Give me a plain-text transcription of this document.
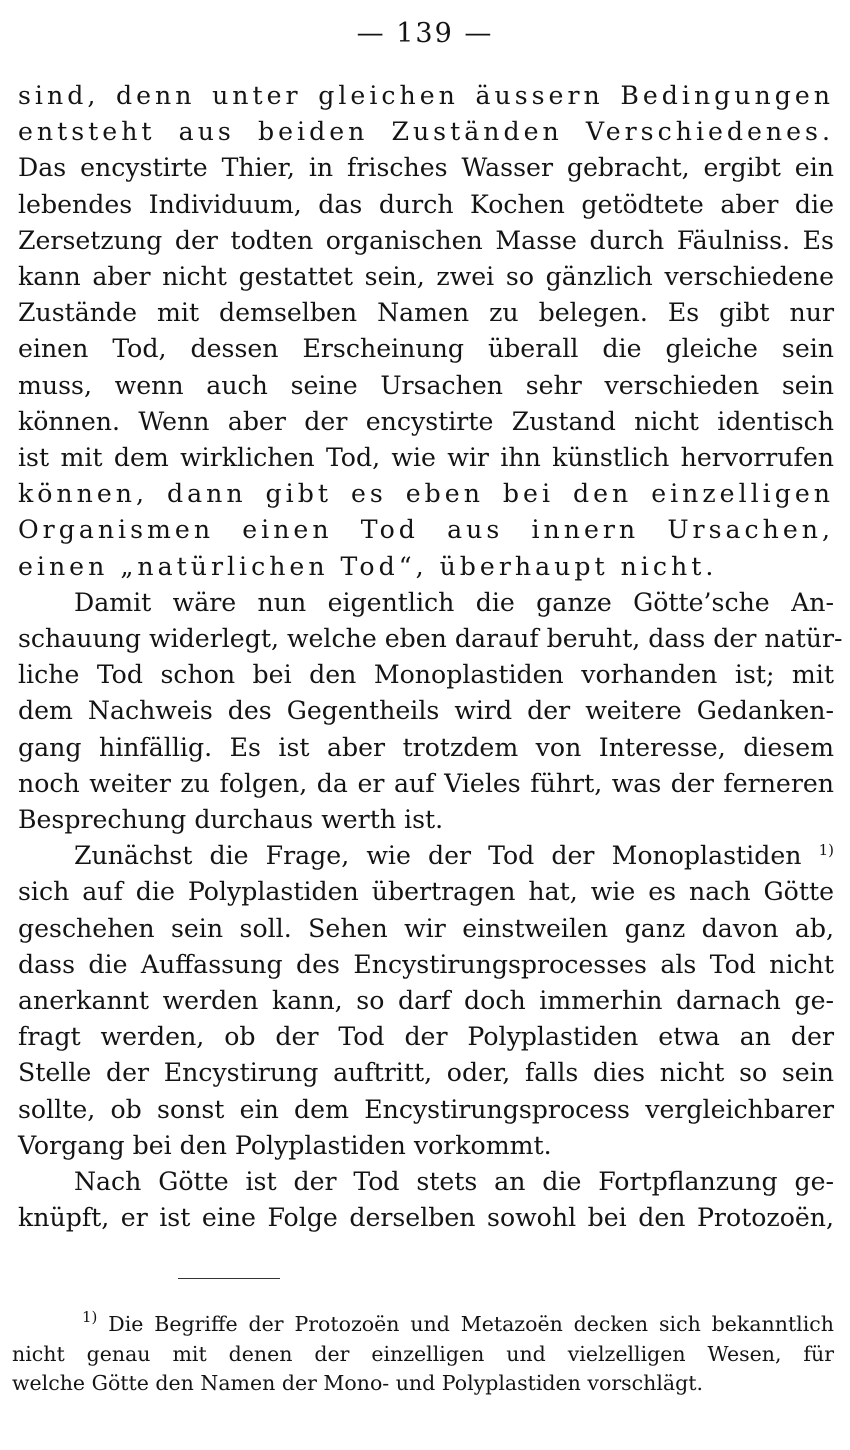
— 139 —
sind, denn unter gleichen äussern Bedingungen
entsteht aus beiden Zuständen Verschiedenes.
Das encystirte Thier, in frisches Wasser gebracht, ergibt ein
lebendes Individuum, das durch Kochen getödtete aber die
Zersetzung der todten organischen Masse durch Fäulniss. Es
kann aber nicht gestattet sein, zwei so gänzlich verschiedene
Zustände mit demselben Namen zu belegen. Es gibt nur
einen Tod, dessen Erscheinung überall die gleiche sein
muss, wenn auch seine Ursachen sehr verschieden sein
können. Wenn aber der encystirte Zustand nicht identisch
ist mit dem wirklichen Tod, wie wir ihn künstlich hervorrufen
können, dann gibt es eben bei den einzelligen
Organismen einen Tod aus innern Ursachen,
einen „natürlichen Tod“, überhaupt nicht.
Damit wäre nun eigentlich die ganze Götte’sche An-
schauung widerlegt, welche eben darauf beruht, dass der natür-
liche Tod schon bei den Monoplastiden vorhanden ist; mit
dem Nachweis des Gegentheils wird der weitere Gedanken-
gang hinfällig. Es ist aber trotzdem von Interesse, diesem
noch weiter zu folgen, da er auf Vieles führt, was der ferneren
Besprechung durchaus werth ist.
Zunächst die Frage, wie der Tod der Monoplastiden $^{1)}$
sich auf die Polyplastiden übertragen hat, wie es nach Götte
geschehen sein soll. Sehen wir einstweilen ganz davon ab,
dass die Auffassung des Encystirungsprocesses als Tod nicht
anerkannt werden kann, so darf doch immerhin darnach ge-
fragt werden, ob der Tod der Polyplastiden etwa an der
Stelle der Encystirung auftritt, oder, falls dies nicht so sein
sollte, ob sonst ein dem Encystirungsprocess vergleichbarer
Vorgang bei den Polyplastiden vorkommt.
Nach Götte ist der Tod stets an die Fortpflanzung ge-
knüpft, er ist eine Folge derselben sowohl bei den Protozoën,
$^{1)}$ Die Begriffe der Protozoën und Metazoën decken sich bekanntlich
nicht genau mit denen der einzelligen und vielzelligen Wesen, für
welche Götte den Namen der Mono- und Polyplastiden vorschlägt.
